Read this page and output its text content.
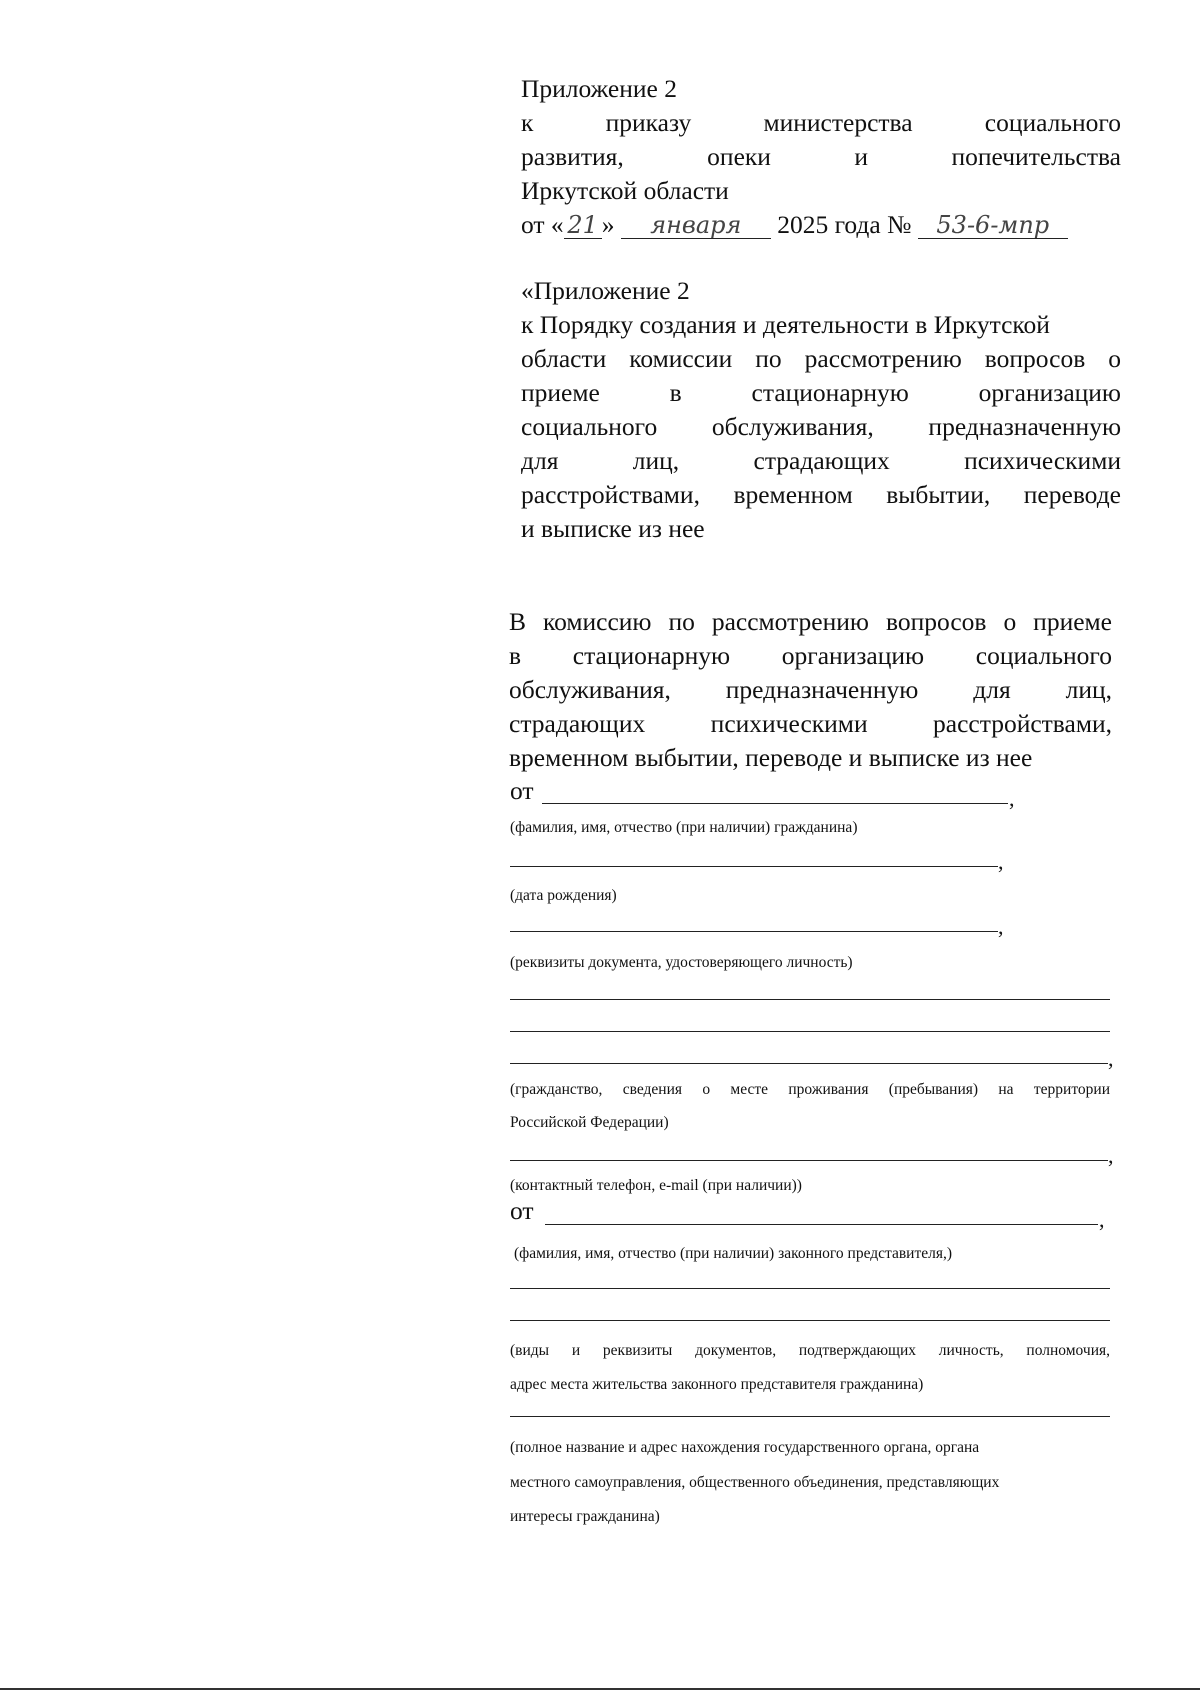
Приложение 2
к приказу министерства социального
развития, опеки и попечительства
Иркутской области
от « 21 » января 2025 года № 53-6-мпр
«Приложение 2
к Порядку создания и деятельности в Иркутской
области комиссии по рассмотрению вопросов о
приеме в стационарную организацию
социального обслуживания, предназначенную
для лиц, страдающих психическими
расстройствами, временном выбытии, переводе
и выписке из нее
В комиссию по рассмотрению вопросов о приеме
в стационарную организацию социального
обслуживания, предназначенную для лиц,
страдающих психическими расстройствами,
временном выбытии, переводе и выписке из нее
от	,
(фамилия, имя, отчество (при наличии) гражданина)
,
(дата рождения)
,
(реквизиты документа, удостоверяющего личность)
,
(гражданство, сведения о месте проживания (пребывания) на территории
Российской Федерации)
,
(контактный телефон, e-mail (при наличии))
от	,
(фамилия, имя, отчество (при наличии) законного представителя,)
(виды и реквизиты документов, подтверждающих личность, полномочия,
адрес места жительства законного представителя гражданина)
(полное название и адрес нахождения государственного органа, органа
местного самоуправления, общественного объединения, представляющих
интересы гражданина)
